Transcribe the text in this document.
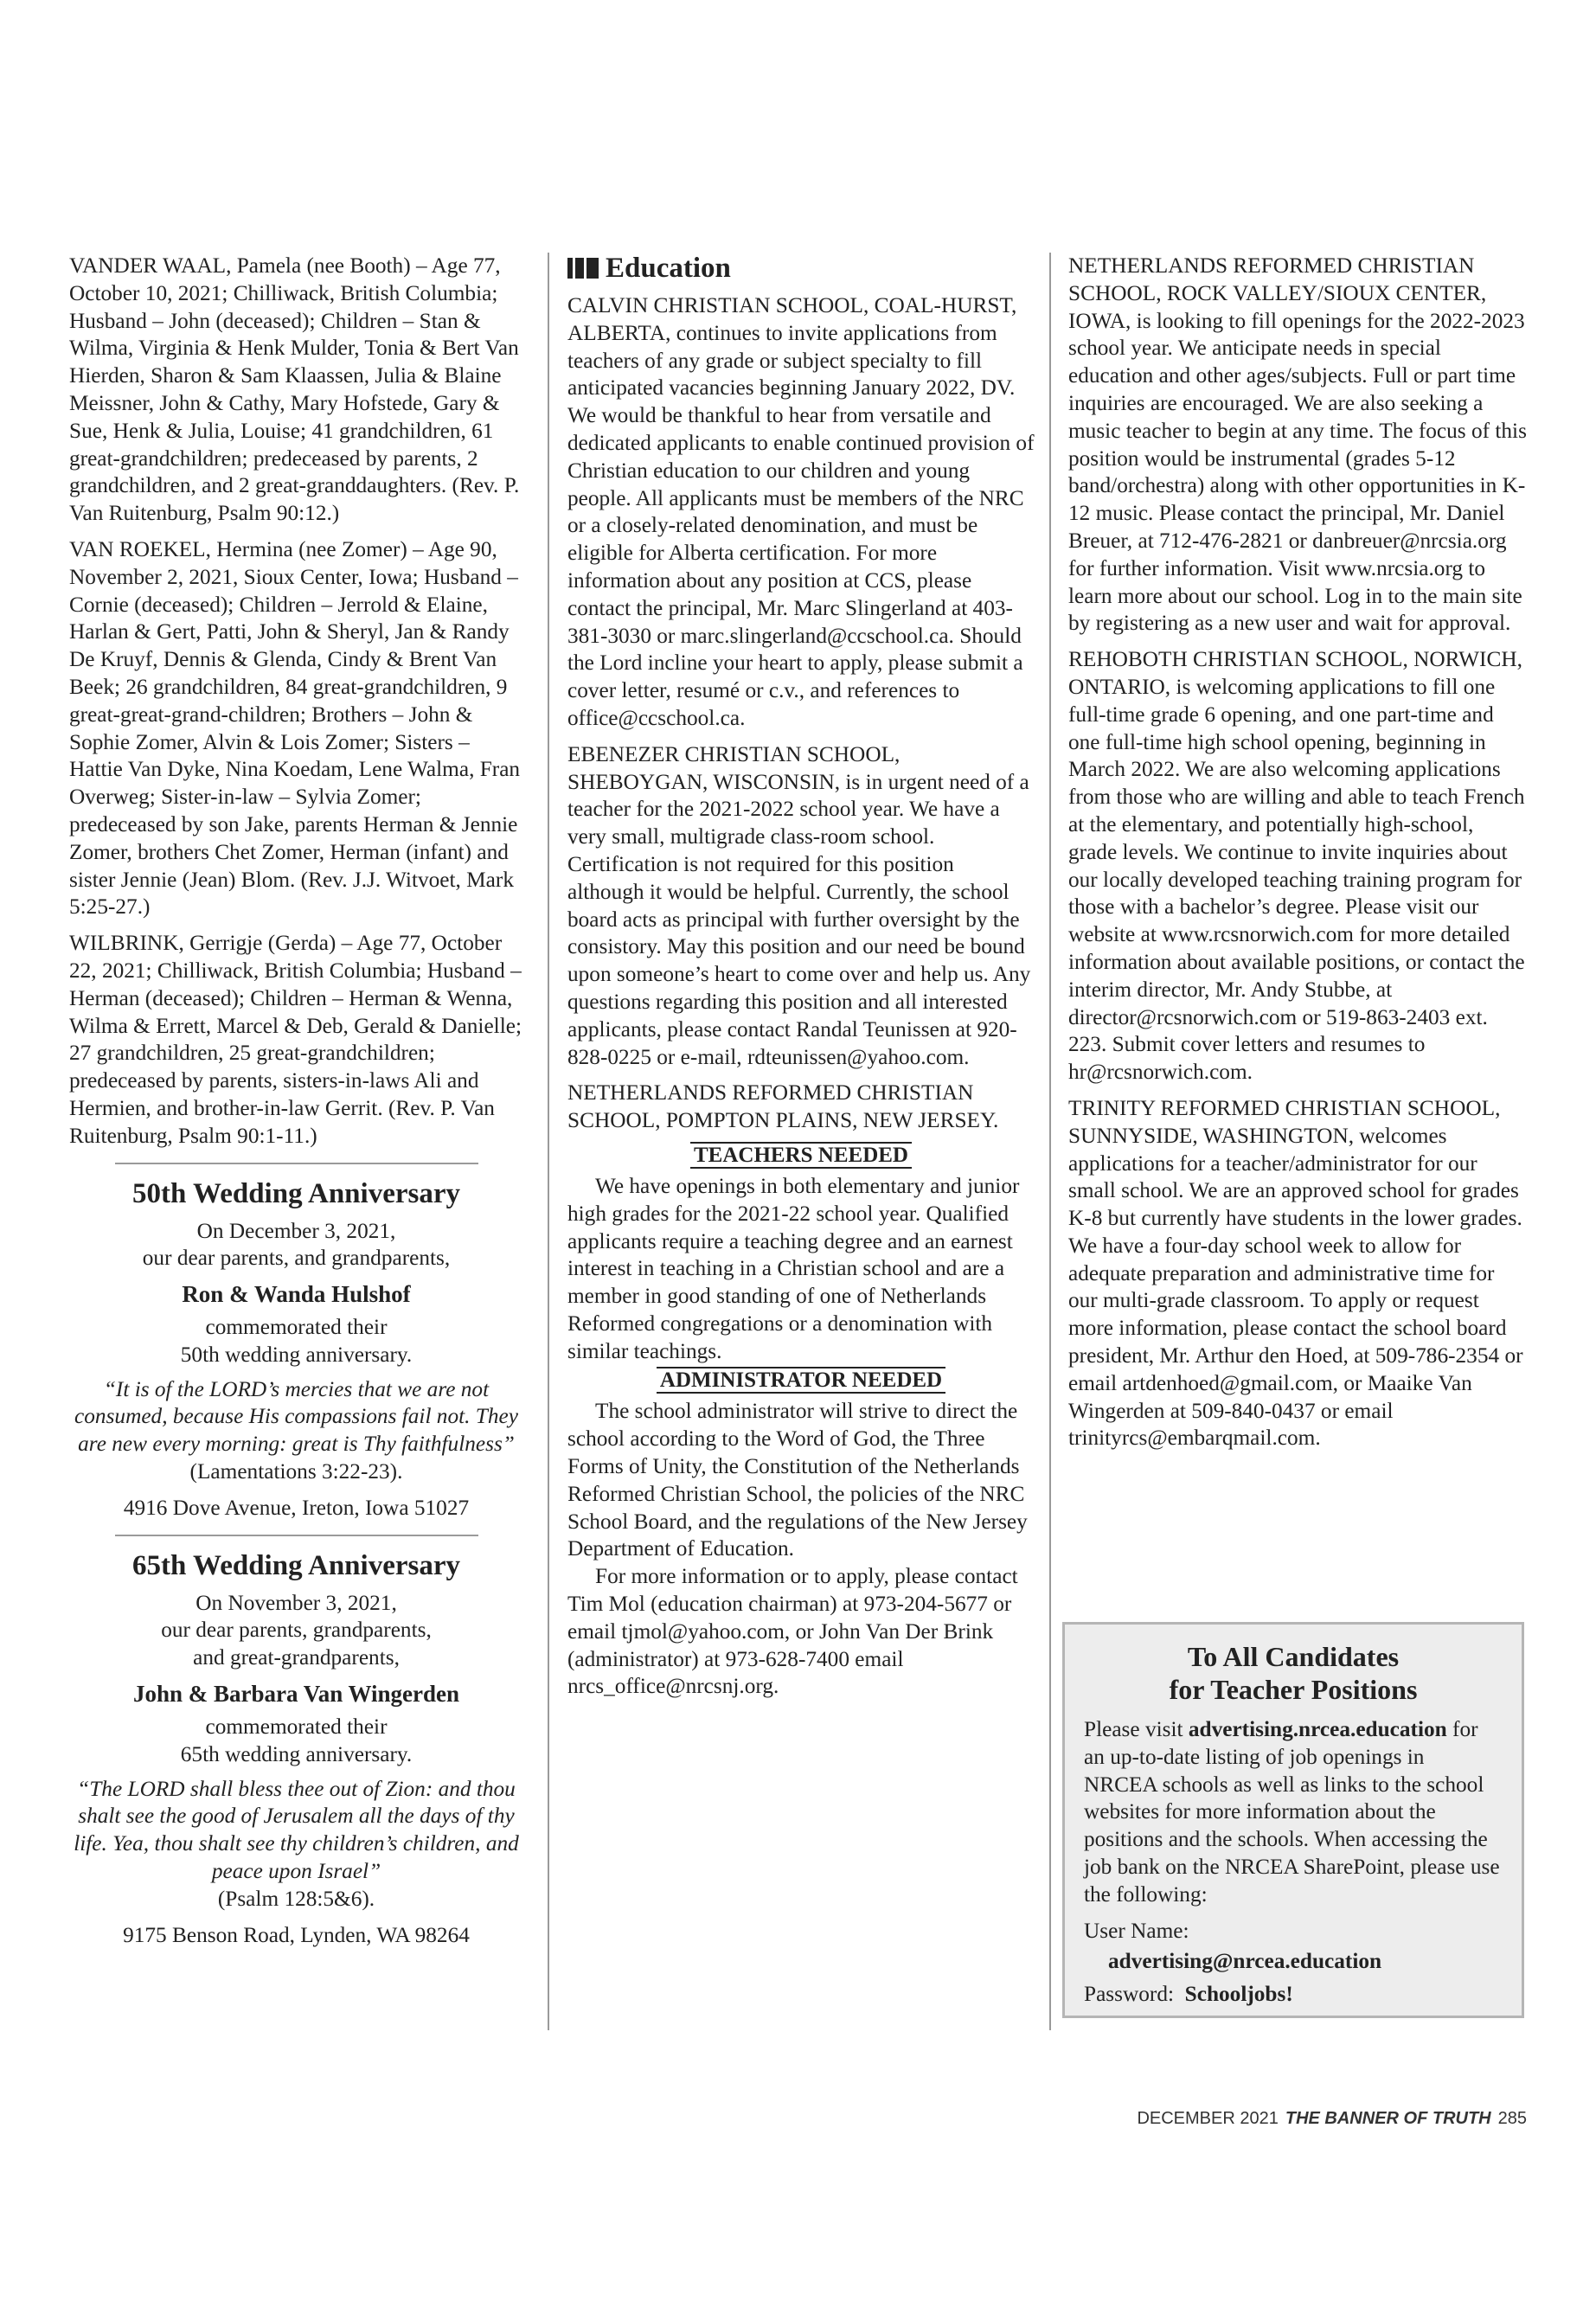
VANDER WAAL, Pamela (nee Booth) – Age 77, October 10, 2021; Chilliwack, British Columbia; Husband – John (deceased); Children – Stan & Wilma, Virginia & Henk Mulder, Tonia & Bert Van Hierden, Sharon & Sam Klaassen, Julia & Blaine Meissner, John & Cathy, Mary Hofstede, Gary & Sue, Henk & Julia, Louise; 41 grandchildren, 61 great-grandchildren; predeceased by parents, 2 grandchildren, and 2 great-granddaughters. (Rev. P. Van Ruitenburg, Psalm 90:12.)

VAN ROEKEL, Hermina (nee Zomer) – Age 90, November 2, 2021, Sioux Center, Iowa; Husband – Cornie (deceased); Children – Jerrold & Elaine, Harlan & Gert, Patti, John & Sheryl, Jan & Randy De Kruyf, Dennis & Glenda, Cindy & Brent Van Beek; 26 grandchildren, 84 great-grandchildren, 9 great-great-grand-children; Brothers – John & Sophie Zomer, Alvin & Lois Zomer; Sisters – Hattie Van Dyke, Nina Koedam, Lene Walma, Fran Overweg; Sister-in-law – Sylvia Zomer; predeceased by son Jake, parents Herman & Jennie Zomer, brothers Chet Zomer, Herman (infant) and sister Jennie (Jean) Blom. (Rev. J.J. Witvoet, Mark 5:25-27.)

WILBRINK, Gerrigje (Gerda) – Age 77, October 22, 2021; Chilliwack, British Columbia; Husband – Herman (deceased); Children – Herman & Wenna, Wilma & Errett, Marcel & Deb, Gerald & Danielle; 27 grandchildren, 25 great-grandchildren; predeceased by parents, sisters-in-laws Ali and Hermien, and brother-in-law Gerrit. (Rev. P. Van Ruitenburg, Psalm 90:1-11.)

50th Wedding Anniversary

On December 3, 2021,

our dear parents, and grandparents,

Ron & Wanda Hulshof

commemorated their

50th wedding anniversary.

“It is of the LORD’s mercies that we are not consumed, because His compassions fail not. They are new every morning: great is Thy faithfulness” (Lamentations 3:22-23).

4916 Dove Avenue, Ireton, Iowa 51027

65th Wedding Anniversary

On November 3, 2021,

our dear parents, grandparents,

and great-grandparents,

John & Barbara Van Wingerden

commemorated their

65th wedding anniversary.

“The LORD shall bless thee out of Zion: and thou shalt see the good of Jerusalem all the days of thy life. Yea, thou shalt see thy children’s children, and peace upon Israel”

(Psalm 128:5&6).

9175 Benson Road, Lynden, WA 98264

Education

CALVIN CHRISTIAN SCHOOL, COAL-HURST, ALBERTA, continues to invite applications from teachers of any grade or subject specialty to fill anticipated vacancies beginning January 2022, DV. We would be thankful to hear from versatile and dedicated applicants to enable continued provision of Christian education to our children and young people. All applicants must be members of the NRC or a closely-related denomination, and must be eligible for Alberta certification. For more information about any position at CCS, please contact the principal, Mr. Marc Slingerland at 403-381-3030 or marc.slingerland@ccschool.ca. Should the Lord incline your heart to apply, please submit a cover letter, resumé or c.v., and references to office@ccschool.ca.

EBENEZER CHRISTIAN SCHOOL, SHEBOYGAN, WISCONSIN, is in urgent need of a teacher for the 2021-2022 school year. We have a very small, multigrade class-room school. Certification is not required for this position although it would be helpful. Currently, the school board acts as principal with further oversight by the consistory. May this position and our need be bound upon someone’s heart to come over and help us. Any questions regarding this position and all interested applicants, please contact Randal Teunissen at 920-828-0225 or e-mail, rdteunissen@yahoo.com.

NETHERLANDS REFORMED CHRISTIAN SCHOOL, POMPTON PLAINS, NEW JERSEY.

TEACHERS NEEDED

We have openings in both elementary and junior high grades for the 2021-22 school year. Qualified applicants require a teaching degree and an earnest interest in teaching in a Christian school and are a member in good standing of one of Netherlands Reformed congregations or a denomination with similar teachings.

ADMINISTRATOR NEEDED

The school administrator will strive to direct the school according to the Word of God, the Three Forms of Unity, the Constitution of the Netherlands Reformed Christian School, the policies of the NRC School Board, and the regulations of the New Jersey Department of Education.

For more information or to apply, please contact Tim Mol (education chairman) at 973-204-5677 or email tjmol@yahoo.com, or John Van Der Brink (administrator) at 973-628-7400 email nrcs_office@nrcsnj.org.

NETHERLANDS REFORMED CHRISTIAN SCHOOL, ROCK VALLEY/SIOUX CENTER, IOWA, is looking to fill openings for the 2022-2023 school year. We anticipate needs in special education and other ages/subjects. Full or part time inquiries are encouraged. We are also seeking a music teacher to begin at any time. The focus of this position would be instrumental (grades 5-12 band/orchestra) along with other opportunities in K-12 music. Please contact the principal, Mr. Daniel Breuer, at 712-476-2821 or danbreuer@nrcsia.org for further information. Visit www.nrcsia.org to learn more about our school. Log in to the main site by registering as a new user and wait for approval.

REHOBOTH CHRISTIAN SCHOOL, NORWICH, ONTARIO, is welcoming applications to fill one full-time grade 6 opening, and one part-time and one full-time high school opening, beginning in March 2022. We are also welcoming applications from those who are willing and able to teach French at the elementary, and potentially high-school, grade levels. We continue to invite inquiries about our locally developed teaching training program for those with a bachelor’s degree. Please visit our website at www.rcsnorwich.com for more detailed information about available positions, or contact the interim director, Mr. Andy Stubbe, at director@rcsnorwich.com or 519-863-2403 ext. 223. Submit cover letters and resumes to hr@rcsnorwich.com.

TRINITY REFORMED CHRISTIAN SCHOOL, SUNNYSIDE, WASHINGTON, welcomes applications for a teacher/administrator for our small school. We are an approved school for grades K-8 but currently have students in the lower grades. We have a four-day school week to allow for adequate preparation and administrative time for our multi-grade classroom. To apply or request more information, please contact the school board president, Mr. Arthur den Hoed, at 509-786-2354 or email artdenhoed@gmail.com, or Maaike Van Wingerden at 509-840-0437 or email trinityrcs@embarqmail.com.

To All Candidates
for Teacher Positions

Please visit advertising.nrcea.education for an up-to-date listing of job openings in NRCEA schools as well as links to the school websites for more information about the positions and the schools. When accessing the job bank on the NRCEA SharePoint, please use the following:

User Name:

advertising@nrcea.education

Password: Schooljobs!

DECEMBER 2021 THE BANNER OF TRUTH 285
